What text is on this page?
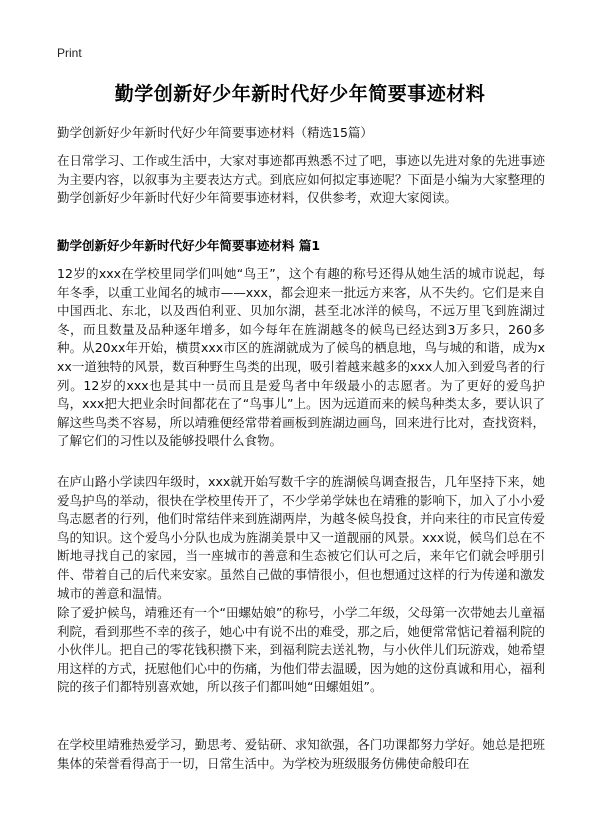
Print
勤学创新好少年新时代好少年简要事迹材料
勤学创新好少年新时代好少年简要事迹材料（精选15篇）
在日常学习、工作或生活中，大家对事迹都再熟悉不过了吧，事迹以先进对象的先进事迹为主要内容，以叙事为主要表达方式。到底应如何拟定事迹呢？下面是小编为大家整理的勤学创新好少年新时代好少年简要事迹材料，仅供参考，欢迎大家阅读。
勤学创新好少年新时代好少年简要事迹材料 篇1
12岁的xxx在学校里同学们叫她“鸟王”，这个有趣的称号还得从她生活的城市说起，每年冬季，以重工业闻名的城市——xxx，都会迎来一批远方来客，从不失约。它们是来自中国西北、东北，以及西伯利亚、贝加尔湖，甚至北冰洋的候鸟，不远万里飞到旌湖过冬，而且数量及品种逐年增多，如今每年在旌湖越冬的候鸟已经达到3万多只，260多种。从20xx年开始，横贯xxx市区的旌湖就成为了候鸟的栖息地，鸟与城的和谐，成为xxx一道独特的风景，数百种野生鸟类的出现，吸引着越来越多的xxx人加入到爱鸟者的行列。12岁的xxx也是其中一员而且是爱鸟者中年级最小的志愿者。为了更好的爱鸟护鸟，xxx把大把业余时间都花在了“鸟事儿”上。因为远道而来的候鸟种类太多，要认识了解这些鸟类不容易，所以靖雅便经常带着画板到旌湖边画鸟，回来进行比对，查找资料，了解它们的习性以及能够投喂什么食物。
在庐山路小学读四年级时，xxx就开始写数千字的旌湖候鸟调查报告，几年坚持下来，她爱鸟护鸟的举动，很快在学校里传开了，不少学弟学妹也在靖雅的影响下，加入了小小爱鸟志愿者的行列，他们时常结伴来到旌湖两岸，为越冬候鸟投食，并向来往的市民宣传爱鸟的知识。这个爱鸟小分队也成为旌湖美景中又一道靓丽的风景。xxx说，候鸟们总在不断地寻找自己的家园，当一座城市的善意和生态被它们认可之后，来年它们就会呼朋引伴、带着自己的后代来安家。虽然自己做的事情很小，但也想通过这样的行为传递和激发城市的善意和温情。
除了爱护候鸟，靖雅还有一个“田螺姑娘”的称号，小学二年级，父母第一次带她去儿童福利院，看到那些不幸的孩子，她心中有说不出的难受，那之后，她便常常惦记着福利院的小伙伴儿。把自己的零花钱积攒下来，到福利院去送礼物，与小伙伴儿们玩游戏，她希望用这样的方式，抚慰他们心中的伤痛，为他们带去温暖，因为她的这份真诚和用心，福利院的孩子们都特别喜欢她，所以孩子们都叫她“田螺姐姐”。
在学校里靖雅热爱学习，勤思考、爱钻研、求知欲强，各门功课都努力学好。她总是把班集体的荣誉看得高于一切，日常生活中。为学校为班级服务仿佛使命般印在
